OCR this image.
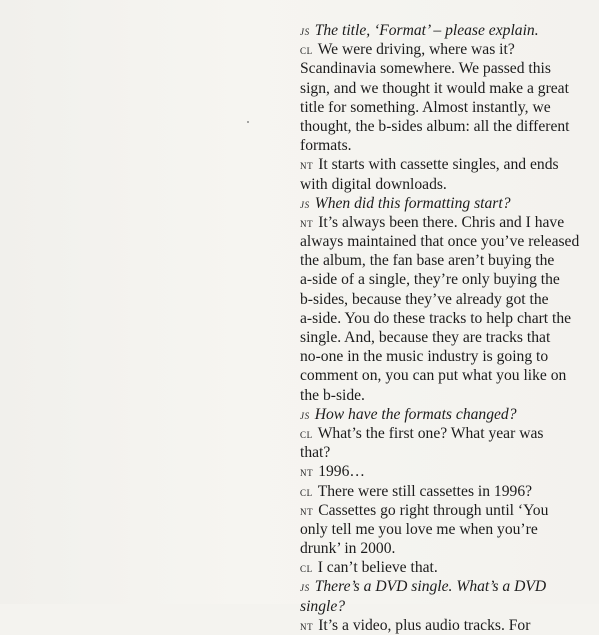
js The title, ‘Format’ – please explain.
cl We were driving, where was it?
Scandinavia somewhere. We passed this
sign, and we thought it would make a great
title for something. Almost instantly, we
thought, the b-sides album: all the different
formats.
nt It starts with cassette singles, and ends
with digital downloads.
js When did this formatting start?
nt It’s always been there. Chris and I have
always maintained that once you’ve released
the album, the fan base aren’t buying the
a-side of a single, they’re only buying the
b-sides, because they’ve already got the
a-side. You do these tracks to help chart the
single. And, because they are tracks that
no-one in the music industry is going to
comment on, you can put what you like on
the b-side.
js How have the formats changed?
cl What’s the first one? What year was
that?
nt 1996…
cl There were still cassettes in 1996?
nt Cassettes go right through until ‘You
only tell me you love me when you’re
drunk’ in 2000.
cl I can’t believe that.
js There’s a DVD single. What’s a DVD
single?
nt It’s a video, plus audio tracks. For
